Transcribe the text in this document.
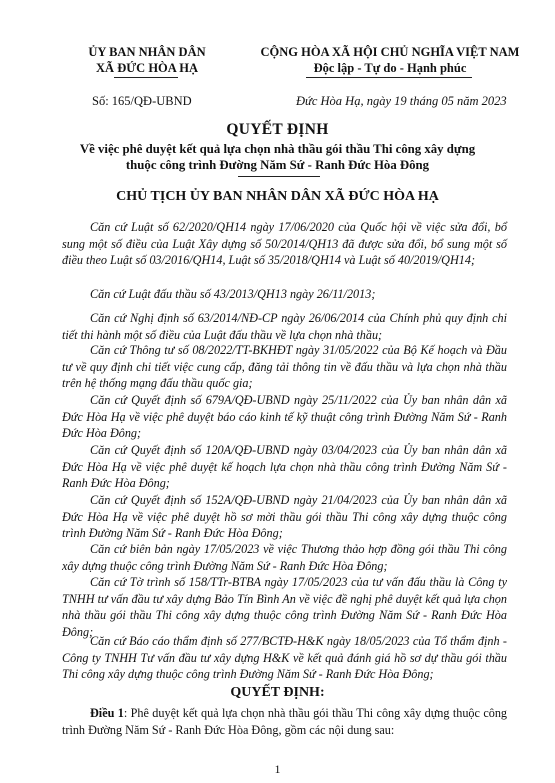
ỦY BAN NHÂN DÂN
XÃ ĐỨC HÒA HẠ
CỘNG HÒA XÃ HỘI CHỦ NGHĨA VIỆT NAM
Độc lập - Tự do - Hạnh phúc
Số: 165/QĐ-UBND	Đức Hòa Hạ, ngày 19 tháng 05 năm 2023
QUYẾT ĐỊNH
Về việc phê duyệt kết quả lựa chọn nhà thầu gói thầu Thi công xây dựng thuộc công trình Đường Năm Sứ - Ranh Đức Hòa Đông
CHỦ TỊCH ỦY BAN NHÂN DÂN XÃ ĐỨC HÒA HẠ
Căn cứ Luật số 62/2020/QH14 ngày 17/06/2020 của Quốc hội về việc sửa đổi, bổ sung một số điều của Luật Xây dựng số 50/2014/QH13 đã được sửa đổi, bổ sung một số điều theo Luật số 03/2016/QH14, Luật số 35/2018/QH14 và Luật số 40/2019/QH14;
Căn cứ Luật đấu thầu số 43/2013/QH13 ngày 26/11/2013;
Căn cứ Nghị định số 63/2014/NĐ-CP ngày 26/06/2014 của Chính phủ quy định chi tiết thi hành một số điều của Luật đấu thầu về lựa chọn nhà thầu;
Căn cứ Thông tư số 08/2022/TT-BKHĐT ngày 31/05/2022 của Bộ Kế hoạch và Đầu tư về quy định chi tiết việc cung cấp, đăng tải thông tin về đấu thầu và lựa chọn nhà thầu trên hệ thống mạng đấu thầu quốc gia;
Căn cứ Quyết định số 679A/QĐ-UBND ngày 25/11/2022 của Ủy ban nhân dân xã Đức Hòa Hạ về việc phê duyệt báo cáo kinh tế kỹ thuật công trình Đường Năm Sứ - Ranh Đức Hòa Đông;
Căn cứ Quyết định số 120A/QĐ-UBND ngày 03/04/2023 của Ủy ban nhân dân xã Đức Hòa Hạ về việc phê duyệt kế hoạch lựa chọn nhà thầu công trình Đường Năm Sứ - Ranh Đức Hòa Đông;
Căn cứ Quyết định số 152A/QĐ-UBND ngày 21/04/2023 của Ủy ban nhân dân xã Đức Hòa Hạ về việc phê duyệt hồ sơ mời thầu gói thầu Thi công xây dựng thuộc công trình Đường Năm Sứ - Ranh Đức Hòa Đông;
Căn cứ biên bản ngày 17/05/2023 về việc Thương thảo hợp đồng gói thầu Thi công xây dựng thuộc công trình Đường Năm Sứ - Ranh Đức Hòa Đông;
Căn cứ Tờ trình số 158/TTr-BTBA ngày 17/05/2023 của tư vấn đấu thầu là Công ty TNHH tư vấn đầu tư xây dựng Bảo Tín Bình An về việc đề nghị phê duyệt kết quả lựa chọn nhà thầu gói thầu Thi công xây dựng thuộc công trình Đường Năm Sứ - Ranh Đức Hòa Đông;
Căn cứ Báo cáo thẩm định số 277/BCTĐ-H&K ngày 18/05/2023 của Tổ thẩm định - Công ty TNHH Tư vấn đầu tư xây dựng H&K về kết quả đánh giá hồ sơ dự thầu gói thầu Thi công xây dựng thuộc công trình Đường Năm Sứ - Ranh Đức Hòa Đông;
QUYẾT ĐỊNH:
Điều 1: Phê duyệt kết quả lựa chọn nhà thầu gói thầu Thi công xây dựng thuộc công trình Đường Năm Sứ - Ranh Đức Hòa Đông, gồm các nội dung sau:
1
